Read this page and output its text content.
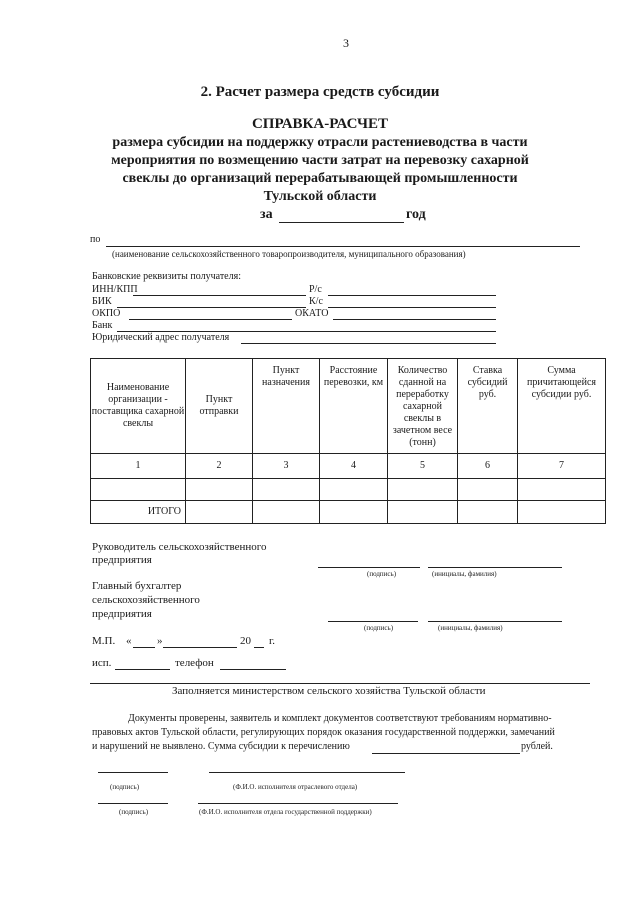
3
2. Расчет размера средств субсидии
СПРАВКА-РАСЧЕТ
размера субсидии на поддержку отрасли растениеводства в части
мероприятия по возмещению части затрат на перевозку сахарной
свеклы до организаций перерабатывающей промышленности
Тульской области
за	год
по
(наименование сельскохозяйственного товаропроизводителя, муниципального образования)
Банковские реквизиты получателя:
ИНН/КПП	Р/с
БИК	К/с
ОКПО	ОКАТО
Банк
Юридический адрес получателя
Наименование организации - поставщика сахарной свеклы	Пункт отправки	Пункт назначения	Расстояние перевозки, км	Количество сданной на переработку сахарной свеклы в зачетном весе (тонн)	Ставка субсидий руб.	Сумма причитающейся субсидии руб.
1	2	3	4	5	6	7

ИТОГО						
Руководитель сельскохозяйственного
предприятия
(подпись)	(инициалы, фамилия)
Главный бухгалтер
сельскохозяйственного
предприятия
(подпись)	(инициалы, фамилия)
М.П. « »	20 г.
исп.	телефон
Заполняется министерством сельского хозяйства Тульской области
Документы проверены, заявитель и комплект документов соответствуют требованиям нормативно-
правовых актов Тульской области, регулирующих порядок оказания государственной поддержки, замечаний
и нарушений не выявлено. Сумма субсидии к перечислению	рублей.
(подпись)	(Ф.И.О. исполнителя отраслевого отдела)
(подпись)	(Ф.И.О. исполнителя отдела государственной поддержки)
